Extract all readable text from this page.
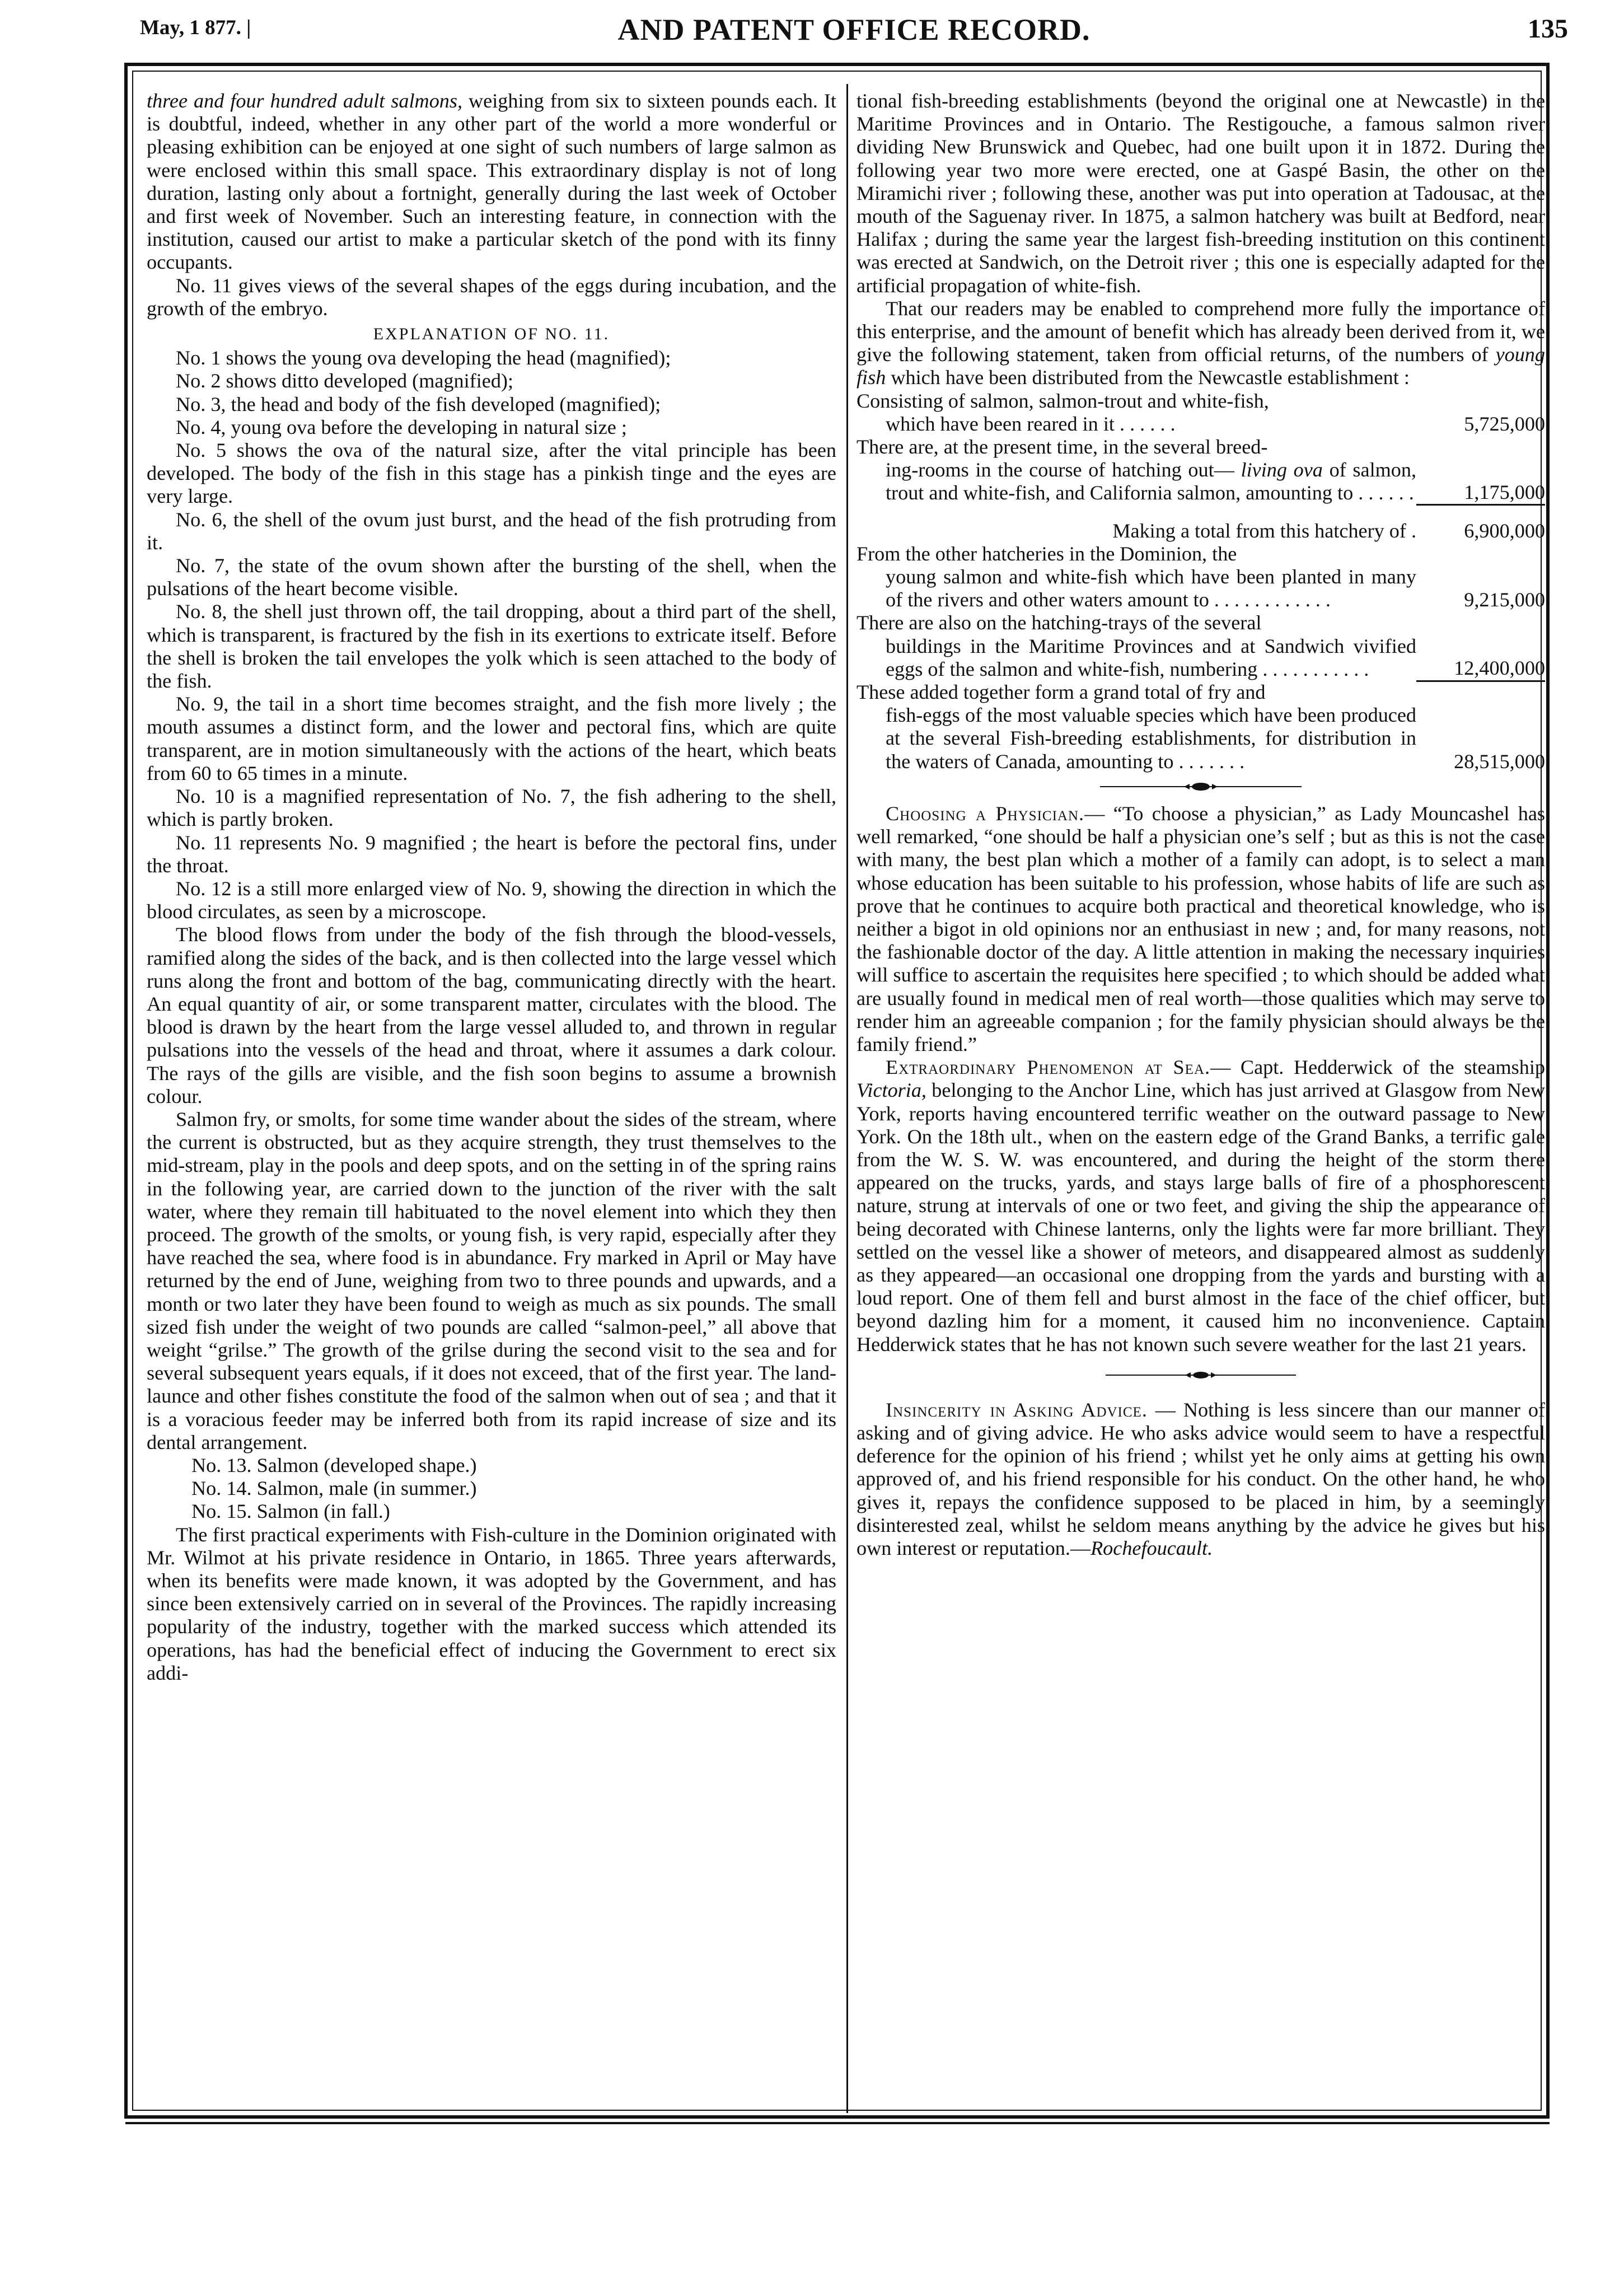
May, 1 877. |	AND PATENT OFFICE RECORD.	135

three and four hundred adult salmons, weighing from six to sixteen pounds each. It is doubtful, indeed, whether in any other part of the world a more wonderful or pleasing exhibition can be enjoyed at one sight of such numbers of large salmon as were enclosed within this small space. This extraordinary display is not of long duration, lasting only about a fortnight, generally during the last week of October and first week of November. Such an interesting feature, in connection with the institution, caused our artist to make a particular sketch of the pond with its finny occupants.

No. 11 gives views of the several shapes of the eggs during incubation, and the growth of the embryo.

EXPLANATION OF NO. 11.

No. 1 shows the young ova developing the head (magnified);

No. 2 shows ditto developed (magnified);

No. 3, the head and body of the fish developed (magnified);

No. 4, young ova before the developing in natural size ;

No. 5 shows the ova of the natural size, after the vital principle has been developed. The body of the fish in this stage has a pinkish tinge and the eyes are very large.

No. 6, the shell of the ovum just burst, and the head of the fish protruding from it.

No. 7, the state of the ovum shown after the bursting of the shell, when the pulsations of the heart become visible.

No. 8, the shell just thrown off, the tail dropping, about a third part of the shell, which is transparent, is fractured by the fish in its exertions to extricate itself. Before the shell is broken the tail envelopes the yolk which is seen attached to the body of the fish.

No. 9, the tail in a short time becomes straight, and the fish more lively ; the mouth assumes a distinct form, and the lower and pectoral fins, which are quite transparent, are in motion simultaneously with the actions of the heart, which beats from 60 to 65 times in a minute.

No. 10 is a magnified representation of No. 7, the fish adhering to the shell, which is partly broken.

No. 11 represents No. 9 magnified ; the heart is before the pectoral fins, under the throat.

No. 12 is a still more enlarged view of No. 9, showing the direction in which the blood circulates, as seen by a microscope.

The blood flows from under the body of the fish through the blood-vessels, ramified along the sides of the back, and is then collected into the large vessel which runs along the front and bottom of the bag, communicating directly with the heart. An equal quantity of air, or some transparent matter, circulates with the blood. The blood is drawn by the heart from the large vessel alluded to, and thrown in regular pulsations into the vessels of the head and throat, where it assumes a dark colour. The rays of the gills are visible, and the fish soon begins to assume a brownish colour.

Salmon fry, or smolts, for some time wander about the sides of the stream, where the current is obstructed, but as they acquire strength, they trust themselves to the mid-stream, play in the pools and deep spots, and on the setting in of the spring rains in the following year, are carried down to the junction of the river with the salt water, where they remain till habituated to the novel element into which they then proceed. The growth of the smolts, or young fish, is very rapid, especially after they have reached the sea, where food is in abundance. Fry marked in April or May have returned by the end of June, weighing from two to three pounds and upwards, and a month or two later they have been found to weigh as much as six pounds. The small sized fish under the weight of two pounds are called “salmon-peel,” all above that weight “grilse.” The growth of the grilse during the second visit to the sea and for several subsequent years equals, if it does not exceed, that of the first year. The land-launce and other fishes constitute the food of the salmon when out of sea ; and that it is a voracious feeder may be inferred both from its rapid increase of size and its dental arrangement.

No. 13. Salmon (developed shape.)

No. 14. Salmon, male (in summer.)

No. 15. Salmon (in fall.)

The first practical experiments with Fish-culture in the Dominion originated with Mr. Wilmot at his private residence in Ontario, in 1865. Three years afterwards, when its benefits were made known, it was adopted by the Government, and has since been extensively carried on in several of the Provinces. The rapidly increasing popularity of the industry, together with the marked success which attended its operations, has had the beneficial effect of inducing the Government to erect six addi-

tional fish-breeding establishments (beyond the original one at Newcastle) in the Maritime Provinces and in Ontario. The Restigouche, a famous salmon river dividing New Brunswick and Quebec, had one built upon it in 1872. During the following year two more were erected, one at Gaspé Basin, the other on the Miramichi river ; following these, another was put into operation at Tadousac, at the mouth of the Saguenay river. In 1875, a salmon hatchery was built at Bedford, near Halifax ; during the same year the largest fish-breeding institution on this continent was erected at Sandwich, on the Detroit river ; this one is especially adapted for the artificial propagation of white-fish.

That our readers may be enabled to comprehend more fully the importance of this enterprise, and the amount of benefit which has already been derived from it, we give the following statement, taken from official returns, of the numbers of young fish which have been distributed from the Newcastle establishment :

Consisting of salmon, salmon-trout and white-fish,
which have been reared in it . . . . . .	5,725,000
There are, at the present time, in the several breed-
ing-rooms in the course of hatching out— living ova of salmon, trout and white-fish, and California salmon, amounting to . . . . . .	1,175,000
Making a total from this hatchery of .	6,900,000
From the other hatcheries in the Dominion, the
young salmon and white-fish which have been planted in many of the rivers and other waters amount to . . . . . . . . . . . .	9,215,000
There are also on the hatching-trays of the several
buildings in the Maritime Provinces and at Sandwich vivified eggs of the salmon and white-fish, numbering . . . . . . . . . . .	12,400,000
These added together form a grand total of fry and
fish-eggs of the most valuable species which have been produced at the several Fish-breeding establishments, for distribution in the waters of Canada, amounting to . . . . . . .	28,515,000

Choosing a Physician.— “To choose a physician,” as Lady Mouncashel has well remarked, “one should be half a physician one’s self ; but as this is not the case with many, the best plan which a mother of a family can adopt, is to select a man whose education has been suitable to his profession, whose habits of life are such as prove that he continues to acquire both practical and theoretical knowledge, who is neither a bigot in old opinions nor an enthusiast in new ; and, for many reasons, not the fashionable doctor of the day. A little attention in making the necessary inquiries will suffice to ascertain the requisites here specified ; to which should be added what are usually found in medical men of real worth—those qualities which may serve to render him an agreeable companion ; for the family physician should always be the family friend.”

Extraordinary Phenomenon at Sea.— Capt. Hedderwick of the steamship Victoria, belonging to the Anchor Line, which has just arrived at Glasgow from New York, reports having encountered terrific weather on the outward passage to New York. On the 18th ult., when on the eastern edge of the Grand Banks, a terrific gale from the W. S. W. was encountered, and during the height of the storm there appeared on the trucks, yards, and stays large balls of fire of a phosphorescent nature, strung at intervals of one or two feet, and giving the ship the appearance of being decorated with Chinese lanterns, only the lights were far more brilliant. They settled on the vessel like a shower of meteors, and disappeared almost as suddenly as they appeared—an occasional one dropping from the yards and bursting with a loud report. One of them fell and burst almost in the face of the chief officer, but beyond dazling him for a moment, it caused him no inconvenience. Captain Hedderwick states that he has not known such severe weather for the last 21 years.

Insincerity in Asking Advice. — Nothing is less sincere than our manner of asking and of giving advice. He who asks advice would seem to have a respectful deference for the opinion of his friend ; whilst yet he only aims at getting his own approved of, and his friend responsible for his conduct. On the other hand, he who gives it, repays the confidence supposed to be placed in him, by a seemingly disinterested zeal, whilst he seldom means anything by the advice he gives but his own interest or reputation.—Rochefoucault.
